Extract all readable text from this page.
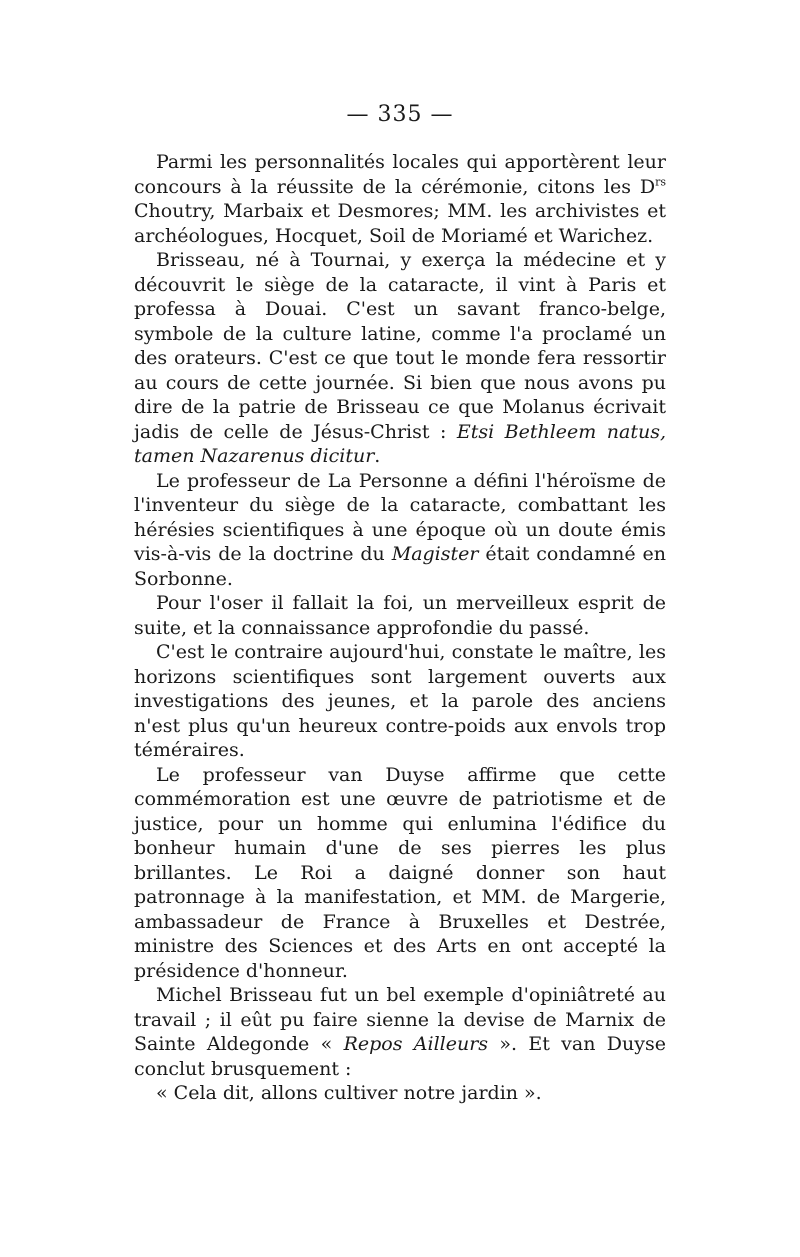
— 335 —

Parmi les personnalités locales qui apportèrent leur concours à la réussite de la cérémonie, citons les $D^{rs}$ Choutry, Marbaix et Desmores; MM. les archivistes et archéologues, Hocquet, Soil de Moriamé et Warichez.

Brisseau, né à Tournai, y exerça la médecine et y découvrit le siège de la cataracte, il vint à Paris et professa à Douai. C'est un savant franco-belge, symbole de la culture latine, comme l'a proclamé un des orateurs. C'est ce que tout le monde fera ressortir au cours de cette journée. Si bien que nous avons pu dire de la patrie de Brisseau ce que Molanus écrivait jadis de celle de Jésus-Christ : Etsi Bethleem natus, tamen Nazarenus dicitur.

Le professeur de La Personne a défini l'héroïsme de l'inventeur du siège de la cataracte, combattant les hérésies scientifiques à une époque où un doute émis vis-à-vis de la doctrine du Magister était condamné en Sorbonne.

Pour l'oser il fallait la foi, un merveilleux esprit de suite, et la connaissance approfondie du passé.

C'est le contraire aujourd'hui, constate le maître, les horizons scientifiques sont largement ouverts aux investigations des jeunes, et la parole des anciens n'est plus qu'un heureux contre-poids aux envols trop téméraires.

Le professeur van Duyse affirme que cette commémoration est une œuvre de patriotisme et de justice, pour un homme qui enlumina l'édifice du bonheur humain d'une de ses pierres les plus brillantes. Le Roi a daigné donner son haut patronnage à la manifestation, et MM. de Margerie, ambassadeur de France à Bruxelles et Destrée, ministre des Sciences et des Arts en ont accepté la présidence d'honneur.

Michel Brisseau fut un bel exemple d'opiniâtreté au travail ; il eût pu faire sienne la devise de Marnix de Sainte Aldegonde « Repos Ailleurs ». Et van Duyse conclut brusquement :

« Cela dit, allons cultiver notre jardin ».
